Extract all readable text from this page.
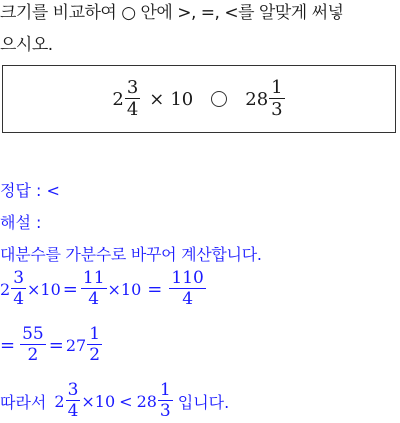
크기를 비교하여 ○ 안에 >, =, <를 알맞게 써넣
으시오.
$2 \frac{3}{4} \times 10$	$28 \frac{1}{3}$
정답 : <
해설 :
대분수를 가분수로 바꾸어 계산합니다.
$2 \frac{3}{4} \times 10 = \frac{11}{4} \times 10 = \frac{110}{4}$
= $\frac{55}{2} = 27 \frac{1}{2}$
따라서 $2 \frac{3}{4} \times 10 < 28 \frac{1}{3}$ 입니다.
